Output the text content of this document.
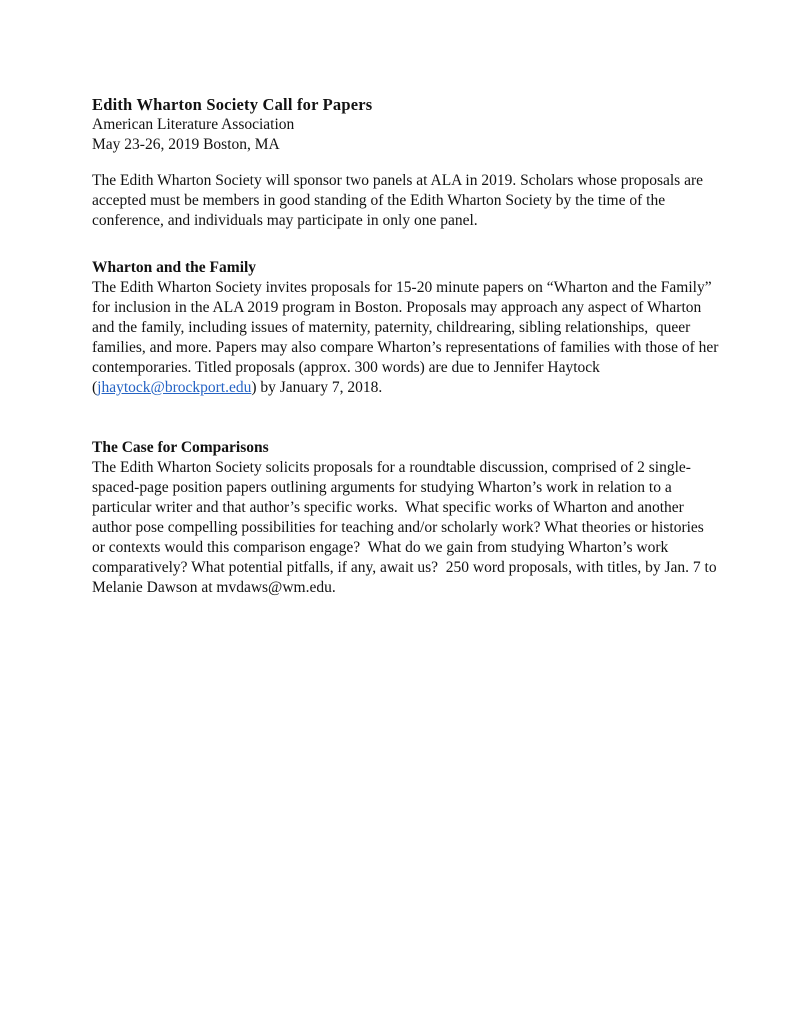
Edith Wharton Society Call for Papers

American Literature Association

May 23-26, 2019 Boston, MA

The Edith Wharton Society will sponsor two panels at ALA in 2019. Scholars whose proposals are accepted must be members in good standing of the Edith Wharton Society by the time of the conference, and individuals may participate in only one panel.

Wharton and the Family

The Edith Wharton Society invites proposals for 15-20 minute papers on “Wharton and the Family” for inclusion in the ALA 2019 program in Boston. Proposals may approach any aspect of Wharton and the family, including issues of maternity, paternity, childrearing, sibling relationships,  queer families, and more. Papers may also compare Wharton’s representations of families with those of her contemporaries. Titled proposals (approx. 300 words) are due to Jennifer Haytock (jhaytock@brockport.edu) by January 7, 2018.

The Case for Comparisons

The Edith Wharton Society solicits proposals for a roundtable discussion, comprised of 2 single-spaced-page position papers outlining arguments for studying Wharton’s work in relation to a particular writer and that author’s specific works.  What specific works of Wharton and another author pose compelling possibilities for teaching and/or scholarly work? What theories or histories or contexts would this comparison engage?  What do we gain from studying Wharton’s work comparatively? What potential pitfalls, if any, await us?  250 word proposals, with titles, by Jan. 7 to Melanie Dawson at mvdaws@wm.edu.
